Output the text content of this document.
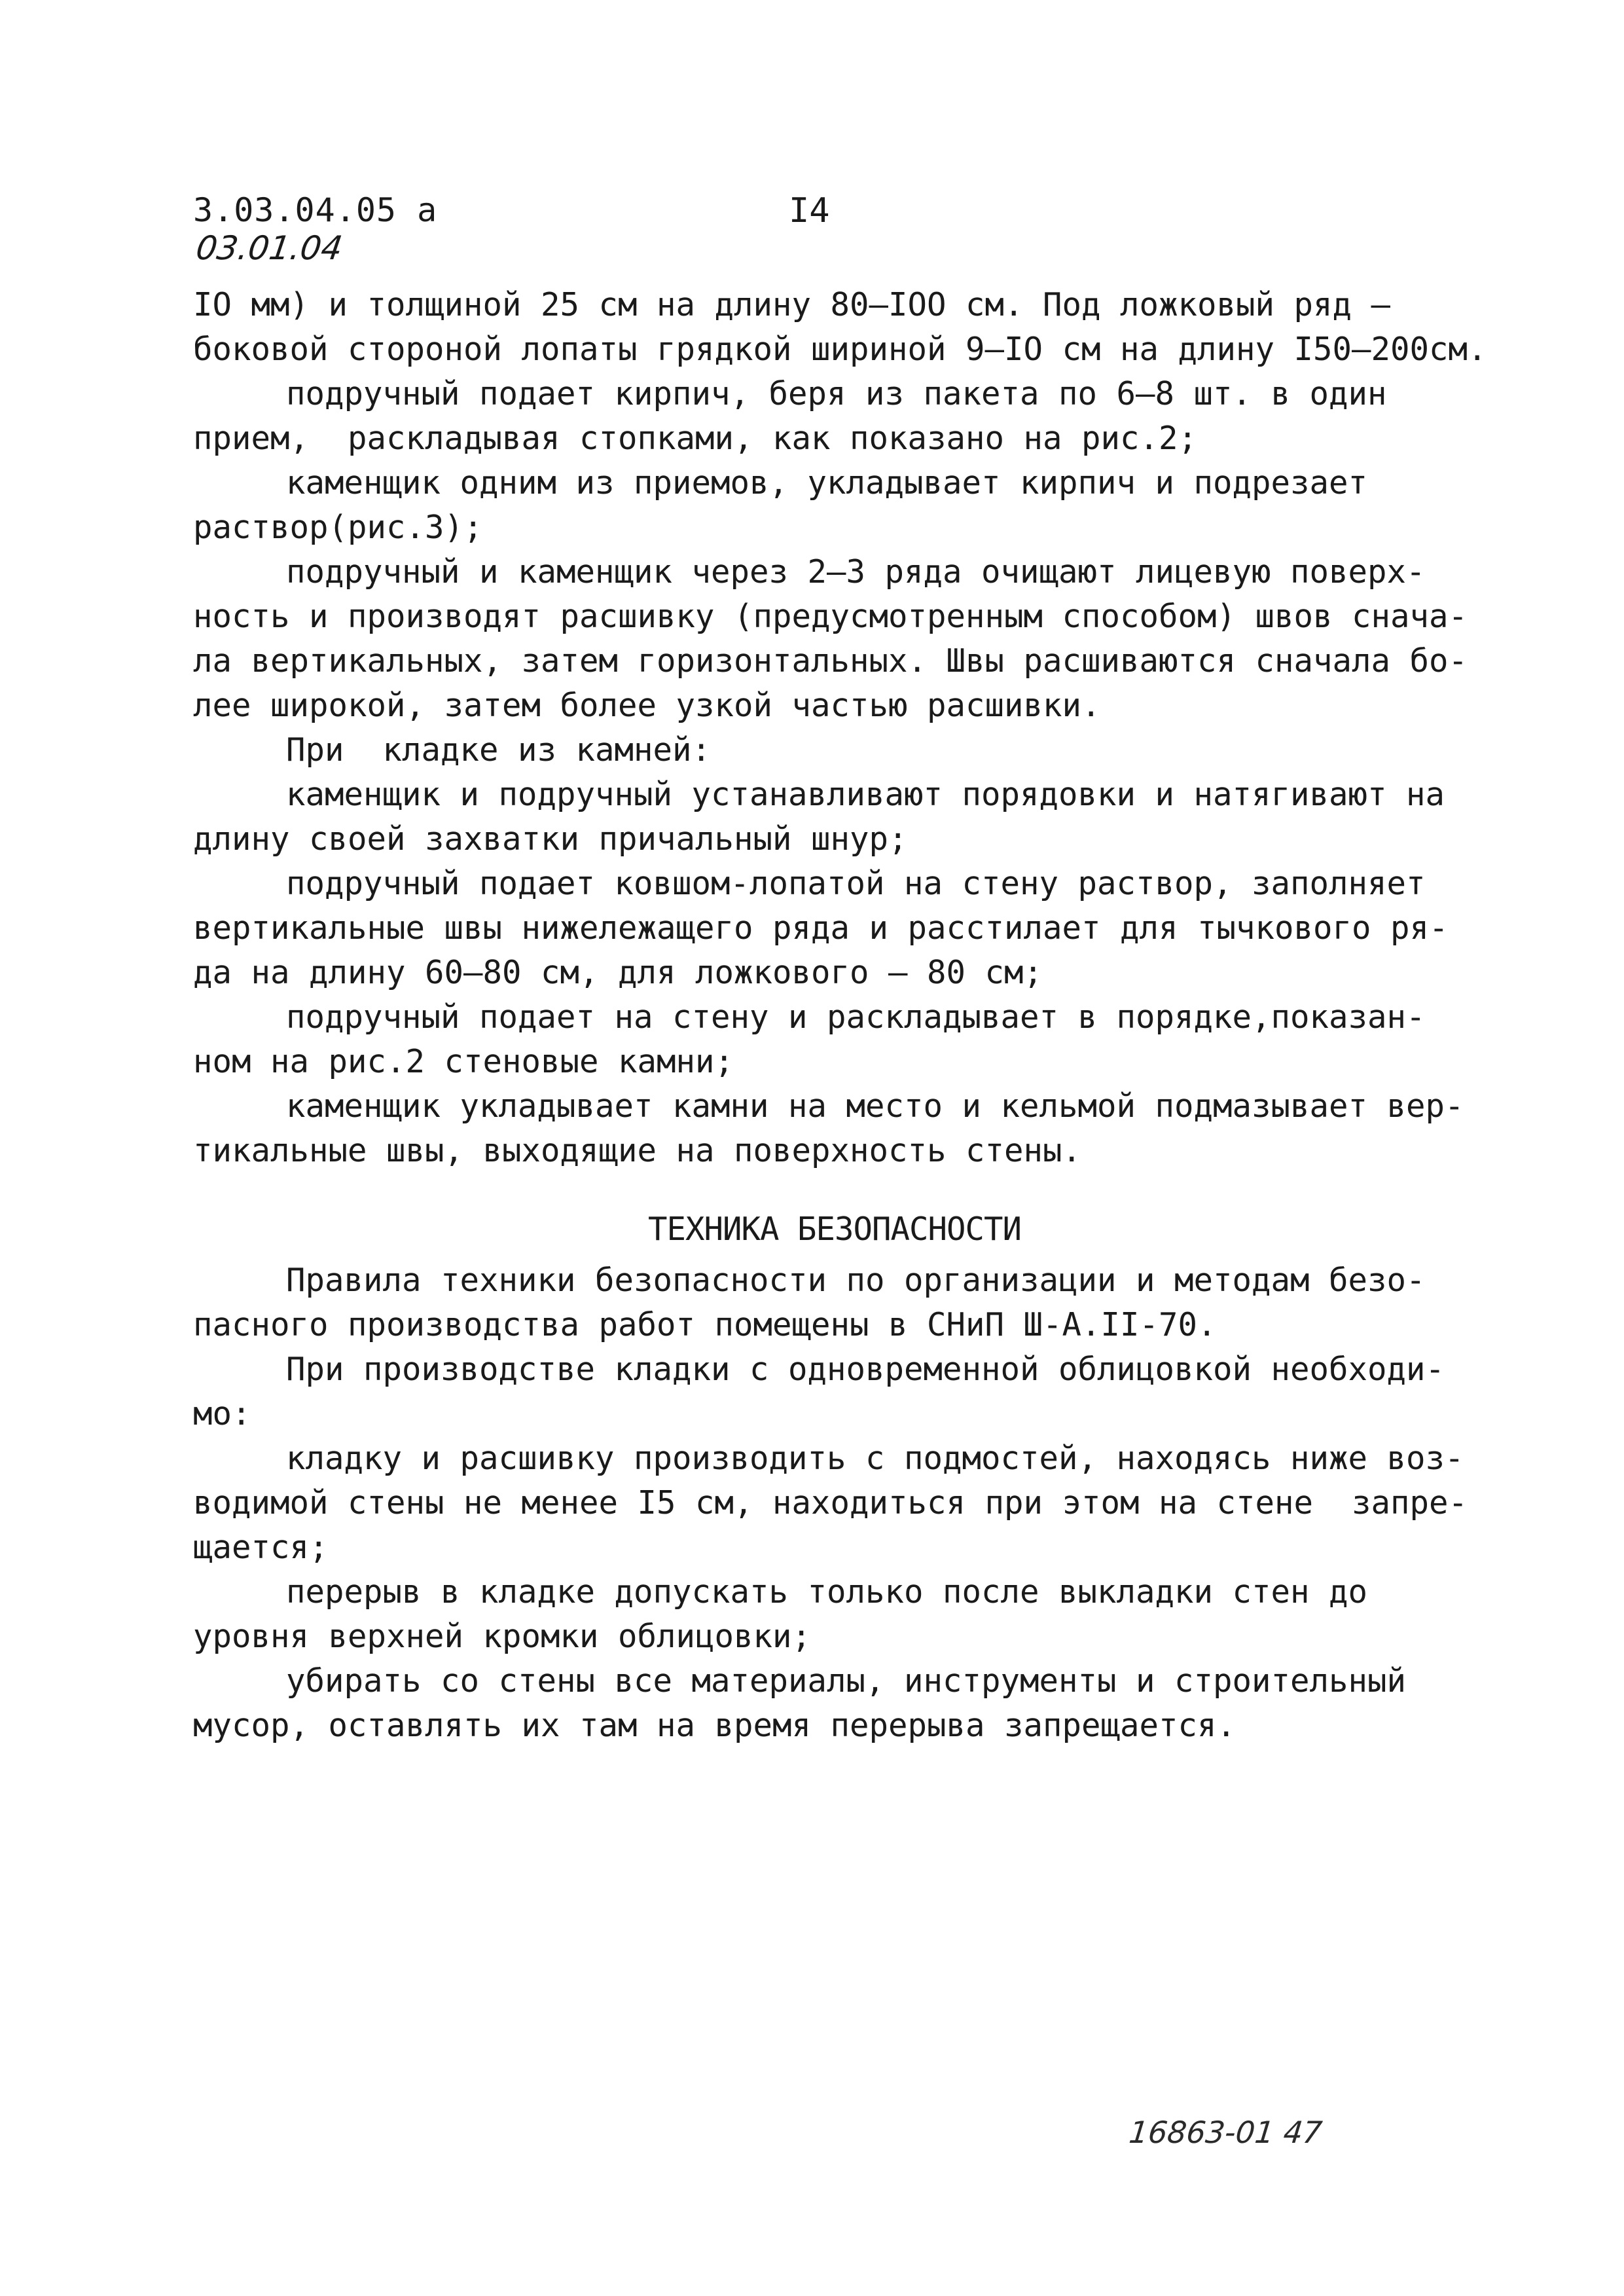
3.03.04.05 а
03.01.04
I4
IO мм) и толщиной 25 см на длину 80–IOO см. Под ложковый ряд –
боковой стороной лопаты грядкой шириной 9–IO см на длину I50–200см.
подручный подает кирпич, беря из пакета по 6–8 шт. в один
прием,  раскладывая стопками, как показано на рис.2;
каменщик одним из приемов, укладывает кирпич и подрезает
раствор(рис.3);
подручный и каменщик через 2–3 ряда очищают лицевую поверх-
ность и производят расшивку (предусмотренным способом) швов снача-
ла вертикальных, затем горизонтальных. Швы расшиваются сначала бо-
лее широкой, затем более узкой частью расшивки.
При  кладке из камней:
каменщик и подручный устанавливают порядовки и натягивают на
длину своей захватки причальный шнур;
подручный подает ковшом-лопатой на стену раствор, заполняет
вертикальные швы нижележащего ряда и расстилает для тычкового ря-
да на длину 60–80 см, для ложкового – 80 см;
подручный подает на стену и раскладывает в порядке,показан-
ном на рис.2 стеновые камни;
каменщик укладывает камни на место и кельмой подмазывает вер-
тикальные швы, выходящие на поверхность стены.
ТЕХНИКА БЕЗОПАСНОСТИ
Правила техники безопасности по организации и методам безо-
пасного производства работ помещены в СНиП Ш-А.II-70.
При производстве кладки с одновременной облицовкой необходи-
мо:
кладку и расшивку производить с подмостей, находясь ниже воз-
водимой стены не менее I5 см, находиться при этом на стене  запре-
щается;
перерыв в кладке допускать только после выкладки стен до
уровня верхней кромки облицовки;
убирать со стены все материалы, инструменты и строительный
мусор, оставлять их там на время перерыва запрещается.
16863-01 47
